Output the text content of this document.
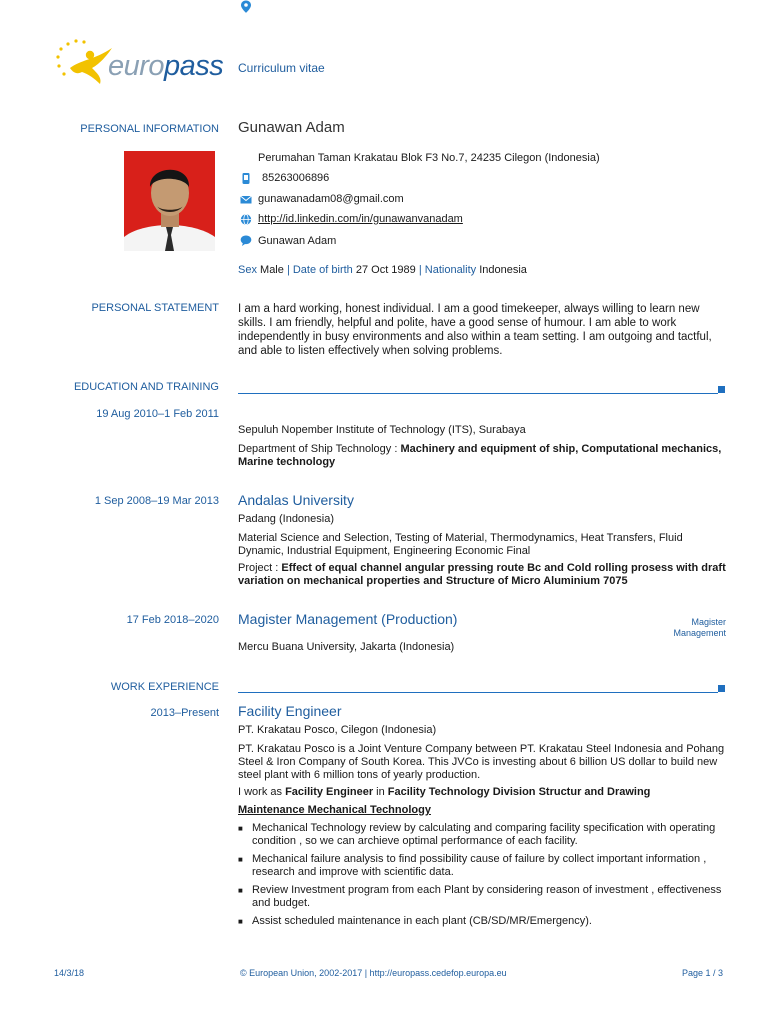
europass Curriculum vitae
PERSONAL INFORMATION Gunawan Adam
Perumahan Taman Krakatau Blok F3 No.7, 24235 Cilegon (Indonesia)
85263006896
gunawanadam08@gmail.com
http://id.linkedin.com/in/gunawanvanadam
Gunawan Adam
Sex Male | Date of birth 27 Oct 1989 | Nationality Indonesia
PERSONAL STATEMENT I am a hard working, honest individual. I am a good timekeeper, always willing to learn new skills. I am friendly, helpful and polite, have a good sense of humour. I am able to work independently in busy environments and also within a team setting. I am outgoing and tactful, and able to listen effectively when solving problems.
EDUCATION AND TRAINING
19 Aug 2010–1 Feb 2011
Sepuluh Nopember Institute of Technology (ITS), Surabaya
Department of Ship Technology : Machinery and equipment of ship, Computational mechanics, Marine technology
1 Sep 2008–19 Mar 2013 Andalas University
Padang (Indonesia)
Material Science and Selection, Testing of Material, Thermodynamics, Heat Transfers, Fluid Dynamic, Industrial Equipment, Engineering Economic Final
Project : Effect of equal channel angular pressing route Bc and Cold rolling prosess with draft variation on mechanical properties and Structure of Micro Aluminium 7075
17 Feb 2018–2020 Magister Management (Production)	Magister Management
Mercu Buana University, Jakarta (Indonesia)
WORK EXPERIENCE
2013–Present Facility Engineer
PT. Krakatau Posco, Cilegon (Indonesia)
PT. Krakatau Posco is a Joint Venture Company between PT. Krakatau Steel Indonesia and Pohang Steel & Iron Company of South Korea. This JVCo is investing about 6 billion US dollar to build new steel plant with 6 million tons of yearly production.
I work as Facility Engineer in Facility Technology Division Structur and Drawing
Maintenance Mechanical Technology
■ Mechanical Technology review by calculating and comparing facility specification with operating condition , so we can archieve optimal performance of each facility.
■ Mechanical failure analysis to find possibility cause of failure by collect important information , research and improve with scientific data.
■ Review Investment program from each Plant by considering reason of investment , effectiveness and budget.
■ Assist scheduled maintenance in each plant (CB/SD/MR/Emergency).
14/3/18	© European Union, 2002-2017 | http://europass.cedefop.europa.eu	Page 1 / 3
